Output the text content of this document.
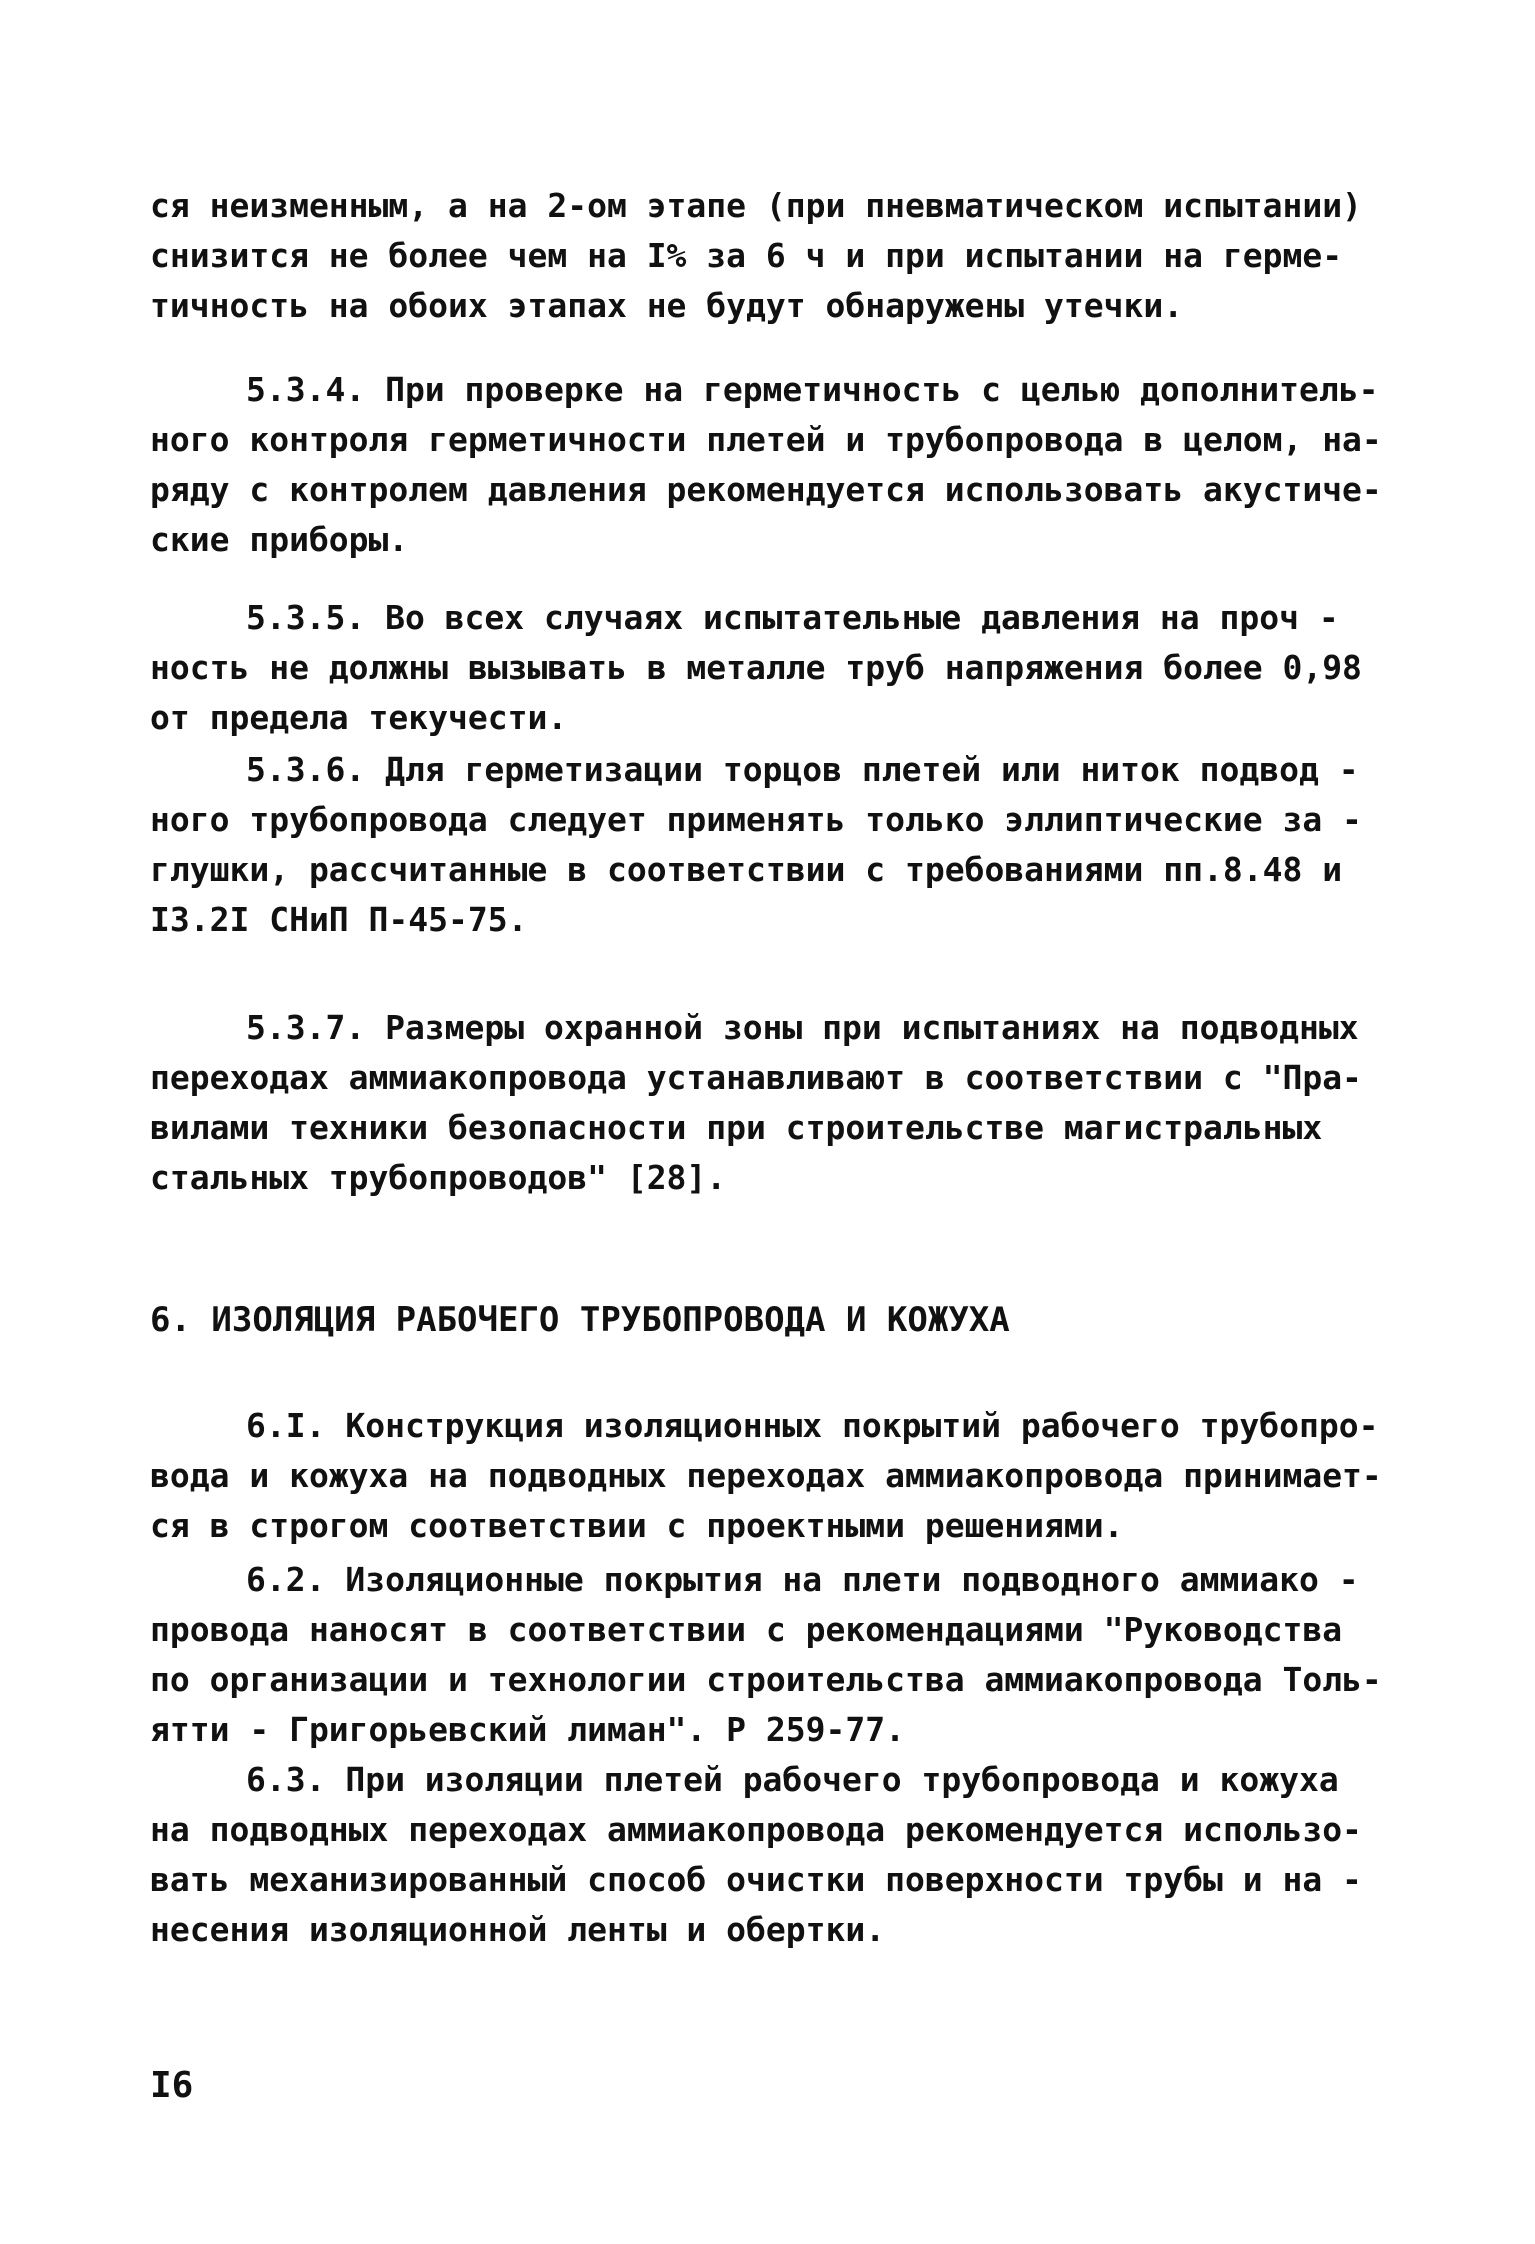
ся неизменным, а на 2-ом этапе (при пневматическом испытании)
снизится не более чем на I% за 6 ч и при испытании на герме-
тичность на обоих этапах не будут обнаружены утечки.
5.3.4. При проверке на герметичность с целью дополнитель-
ного контроля герметичности плетей и трубопровода в целом, на-
ряду с контролем давления рекомендуется использовать акустиче-
ские приборы.
5.3.5. Во всех случаях испытательные давления на проч -
ность не должны вызывать в металле труб напряжения более 0,98
от предела текучести.
5.3.6. Для герметизации торцов плетей или ниток подвод -
ного трубопровода следует применять только эллиптические за -
глушки, рассчитанные в соответствии с требованиями пп.8.48 и
I3.2I СНиП П-45-75.
5.3.7. Размеры охранной зоны при испытаниях на подводных
переходах аммиакопровода устанавливают в соответствии с "Пра-
вилами техники безопасности при строительстве магистральных
стальных трубопроводов" [28].
6. ИЗОЛЯЦИЯ РАБОЧЕГО ТРУБОПРОВОДА И КОЖУХА
6.I. Конструкция изоляционных покрытий рабочего трубопро-
вода и кожуха на подводных переходах аммиакопровода принимает-
ся в строгом соответствии с проектными решениями.
6.2. Изоляционные покрытия на плети подводного аммиако -
провода наносят в соответствии с рекомендациями "Руководства
по организации и технологии строительства аммиакопровода Толь-
ятти - Григорьевский лиман". Р 259-77.
6.3. При изоляции плетей рабочего трубопровода и кожуха
на подводных переходах аммиакопровода рекомендуется использо-
вать механизированный способ очистки поверхности трубы и на -
несения изоляционной ленты и обертки.
I6
